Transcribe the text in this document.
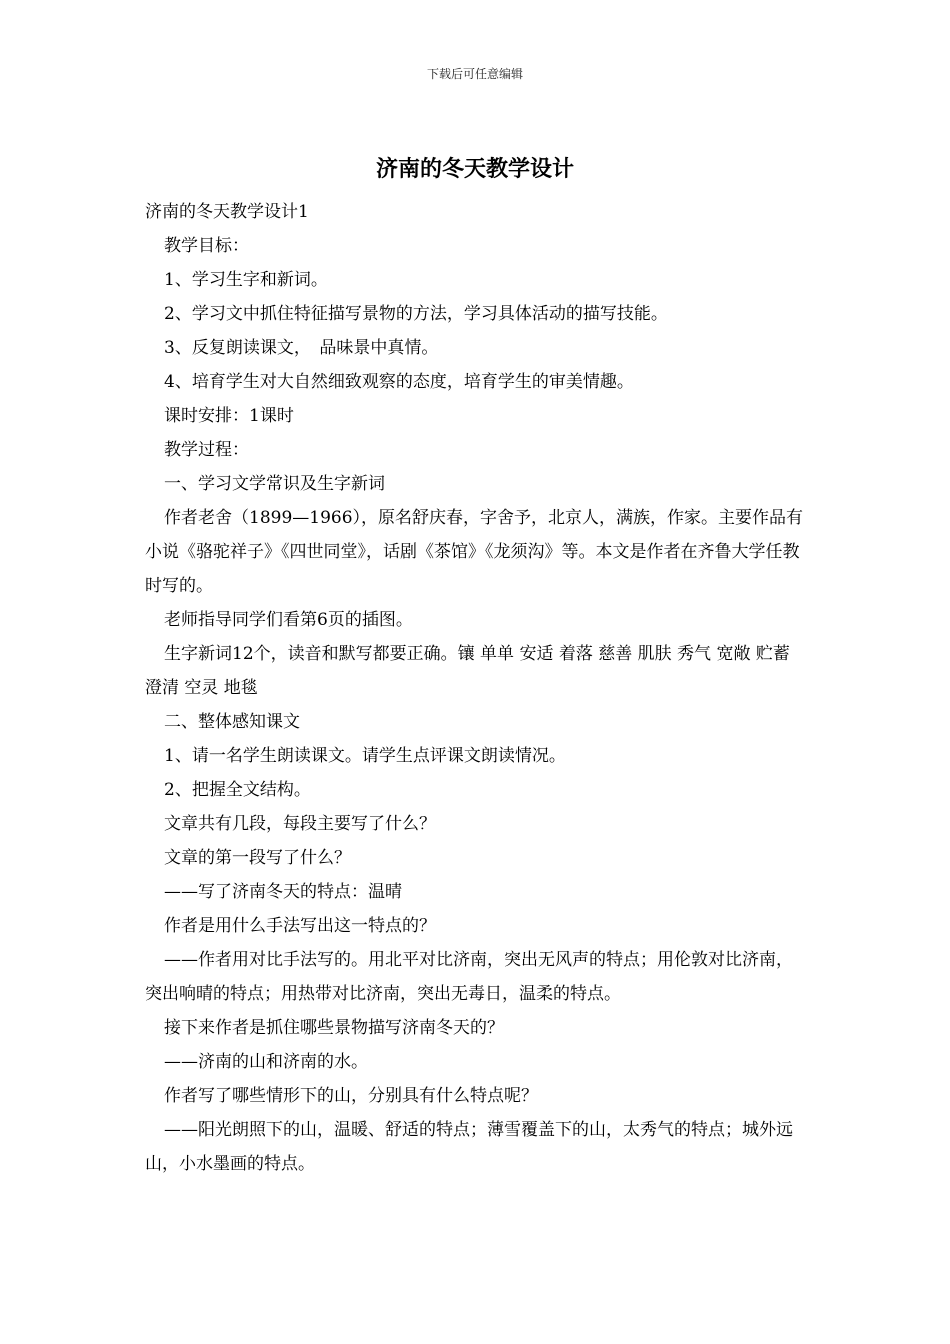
下载后可任意编辑
济南的冬天教学设计

济南的冬天教学设计1

教学目标：

1、学习生字和新词。

2、学习文中抓住特征描写景物的方法，学习具体活动的描写技能。

3、反复朗读课文，　品味景中真情。

4、培育学生对大自然细致观察的态度，培育学生的审美情趣。

课时安排：1课时

教学过程：

一、学习文学常识及生字新词

作者老舍（1899—1966），原名舒庆春，字舍予，北京人，满族，作家。主要作品有小说《骆驼祥子》《四世同堂》，话剧《茶馆》《龙须沟》等。本文是作者在齐鲁大学任教时写的。

老师指导同学们看第6页的插图。

生字新词12个，读音和默写都要正确。镶 单单 安适 着落 慈善 肌肤 秀气 宽敞 贮蓄 澄清 空灵 地毯

二、整体感知课文

1、请一名学生朗读课文。请学生点评课文朗读情况。

2、把握全文结构。

文章共有几段，每段主要写了什么？

文章的第一段写了什么？

——写了济南冬天的特点：温晴

作者是用什么手法写出这一特点的？

——作者用对比手法写的。用北平对比济南，突出无风声的特点；用伦敦对比济南，突出响晴的特点；用热带对比济南，突出无毒日，温柔的特点。

接下来作者是抓住哪些景物描写济南冬天的？

——济南的山和济南的水。

作者写了哪些情形下的山，分别具有什么特点呢？

——阳光朗照下的山，温暖、舒适的特点；薄雪覆盖下的山，太秀气的特点；城外远山，小水墨画的特点。
